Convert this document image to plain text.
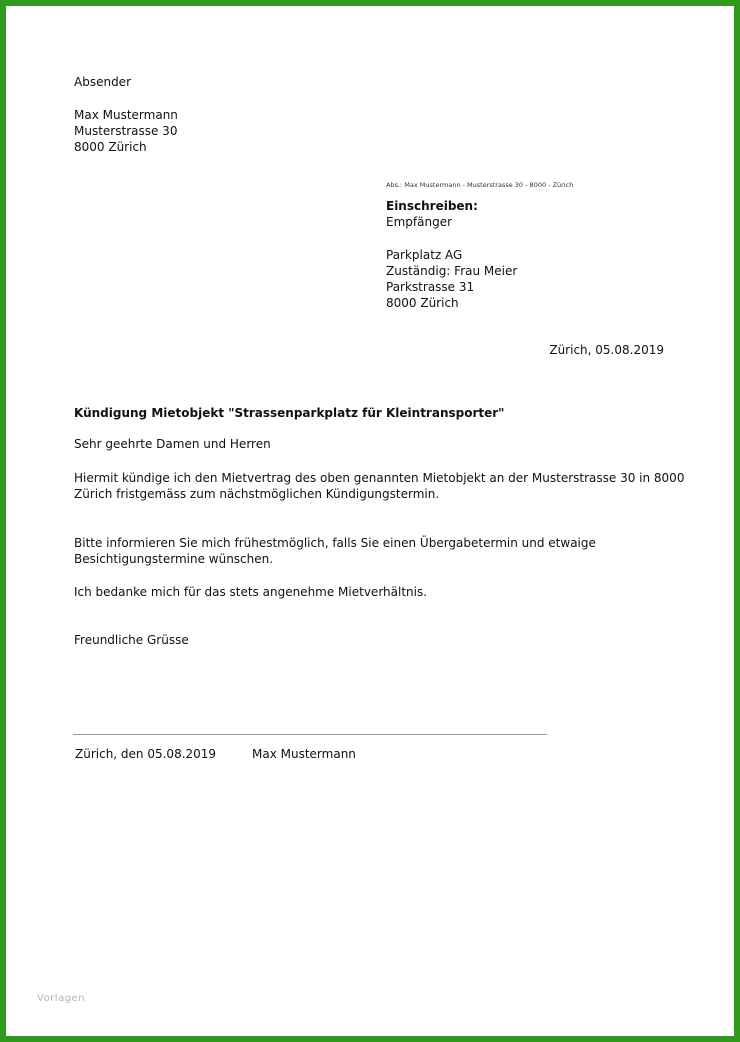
Absender
Max Mustermann
Musterstrasse 30
8000 Zürich
Abs.: Max Mustermann - Musterstrasse 30 - 8000 - Zürich
Einschreiben:
Empfänger
Parkplatz AG
Zuständig: Frau Meier
Parkstrasse 31
8000 Zürich
Zürich, 05.08.2019
Kündigung Mietobjekt "Strassenparkplatz für Kleintransporter"
Sehr geehrte Damen und Herren
Hiermit kündige ich den Mietvertrag des oben genannten Mietobjekt an der Musterstrasse 30 in 8000
Zürich fristgemäss zum nächstmöglichen Kündigungstermin.
Bitte informieren Sie mich frühestmöglich, falls Sie einen Übergabetermin und etwaige
Besichtigungstermine wünschen.
Ich bedanke mich für das stets angenehme Mietverhältnis.
Freundliche Grüsse
Zürich, den 05.08.2019	Max Mustermann
Vorlagen
